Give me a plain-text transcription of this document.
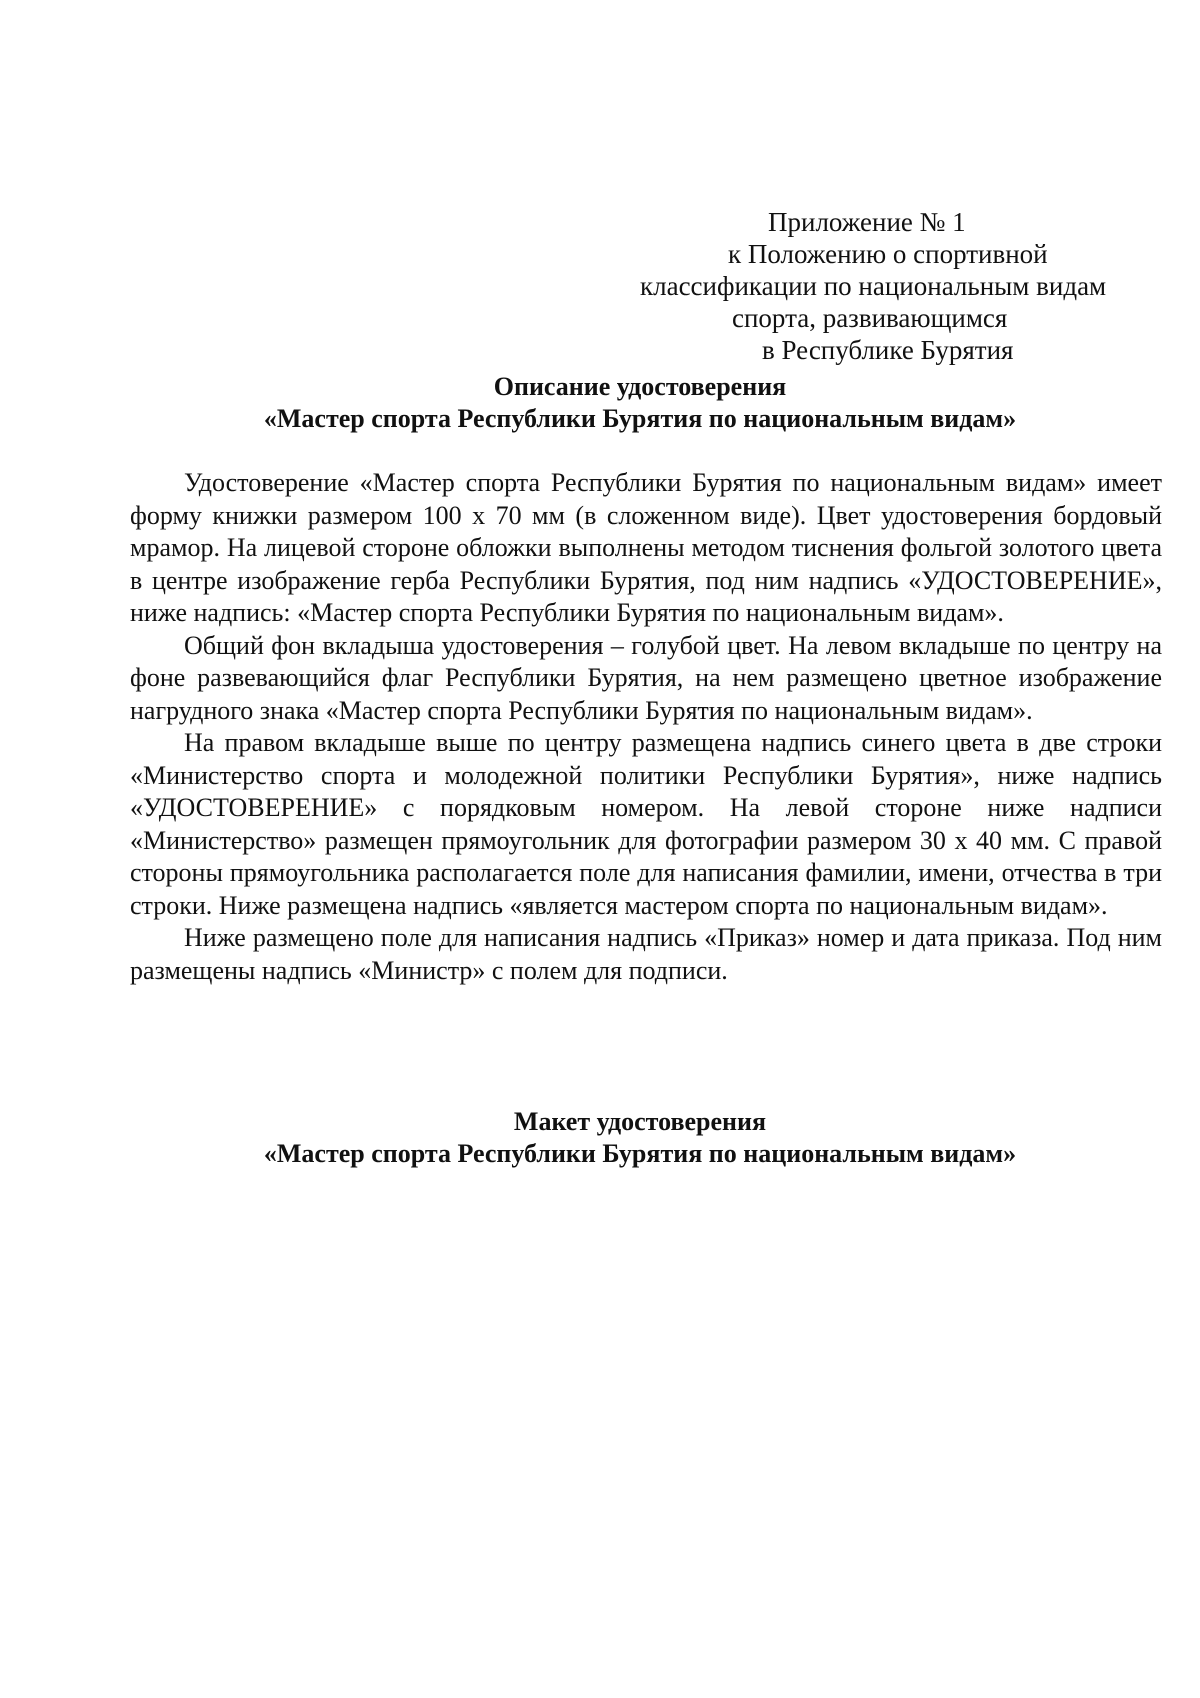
Приложение № 1
к Положению о спортивной
классификации по национальным видам
спорта, развивающимся
в Республике Бурятия
Описание удостоверения
«Мастер спорта Республики Бурятия по национальным видам»

Удостоверение «Мастер спорта Республики Бурятия по национальным видам» имеет форму книжки размером 100 х 70 мм (в сложенном виде). Цвет удостоверения бордовый мрамор. На лицевой стороне обложки выполнены методом тиснения фольгой золотого цвета в центре изображение герба Республики Бурятия, под ним надпись «УДОСТОВЕРЕНИЕ», ниже надпись: «Мастер спорта Республики Бурятия по национальным видам».

Общий фон вкладыша удостоверения – голубой цвет. На левом вкладыше по центру на фоне развевающийся флаг Республики Бурятия, на нем размещено цветное изображение нагрудного знака «Мастер спорта Республики Бурятия по национальным видам».

На правом вкладыше выше по центру размещена надпись синего цвета в две строки «Министерство спорта и молодежной политики Республики Бурятия», ниже надпись «УДОСТОВЕРЕНИЕ» с порядковым номером. На левой стороне ниже надписи «Министерство» размещен прямоугольник для фотографии размером 30 х 40 мм. С правой стороны прямоугольника располагается поле для написания фамилии, имени, отчества в три строки. Ниже размещена надпись «является мастером спорта по национальным видам».

Ниже размещено поле для написания надпись «Приказ» номер и дата приказа. Под ним размещены надпись «Министр» с полем для подписи.

Макет удостоверения
«Мастер спорта Республики Бурятия по национальным видам»
